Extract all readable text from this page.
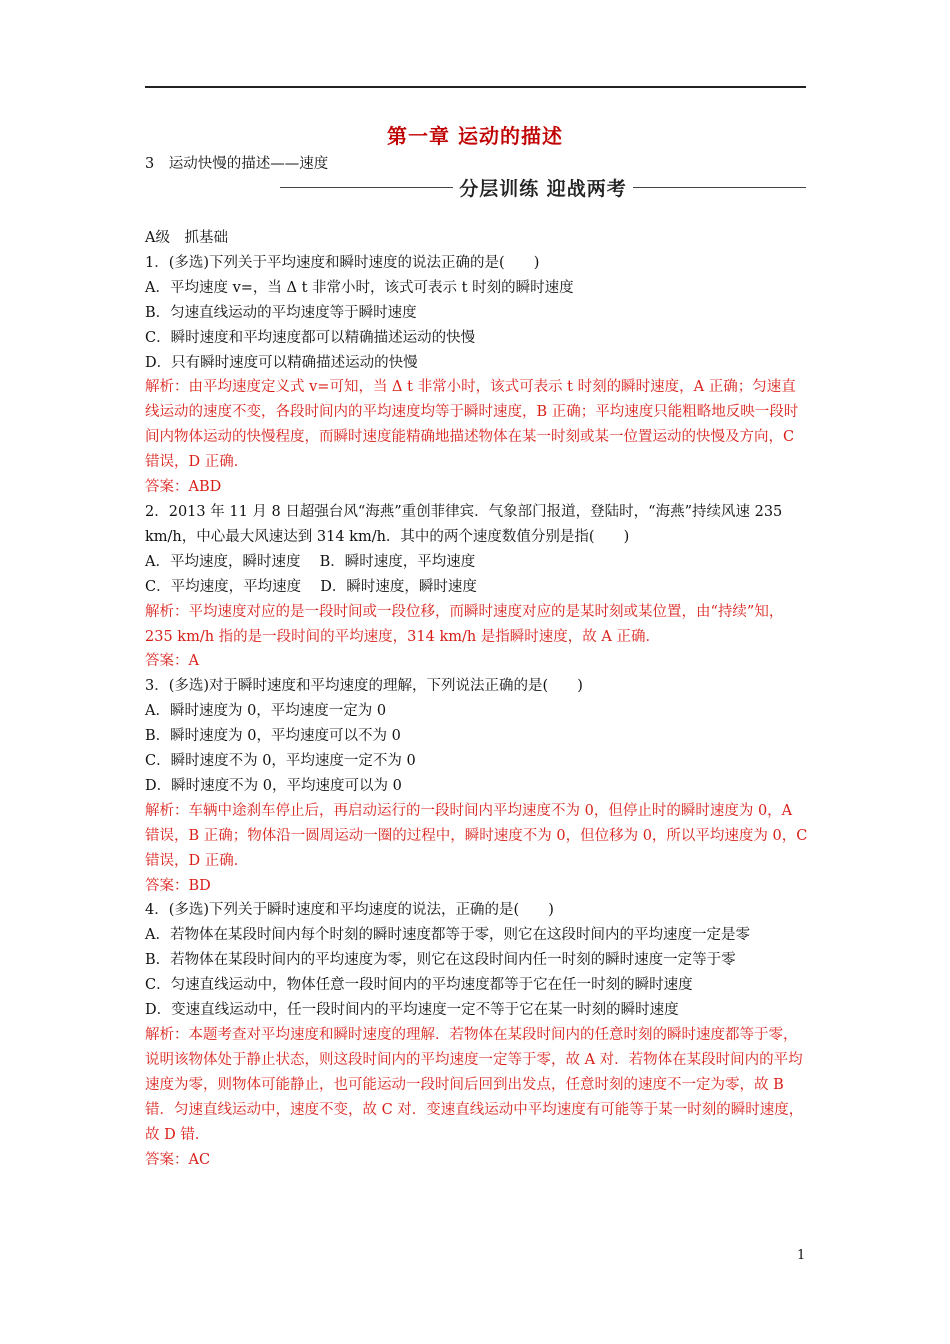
第一章 运动的描述
3　运动快慢的描述——速度
分层训练 迎战两考

A级　抓基础

1．(多选)下列关于平均速度和瞬时速度的说法正确的是(　　)

A．平均速度 v=，当 Δ t 非常小时，该式可表示 t 时刻的瞬时速度

B．匀速直线运动的平均速度等于瞬时速度

C．瞬时速度和平均速度都可以精确描述运动的快慢

D．只有瞬时速度可以精确描述运动的快慢

解析：由平均速度定义式 v=可知，当 Δ t 非常小时，该式可表示 t 时刻的瞬时速度，A 正确；匀速直线运动的速度不变，各段时间内的平均速度均等于瞬时速度，B 正确；平均速度只能粗略地反映一段时间内物体运动的快慢程度，而瞬时速度能精确地描述物体在某一时刻或某一位置运动的快慢及方向，C 错误，D 正确．

答案：ABD

2．2013 年 11 月 8 日超强台风“海燕”重创菲律宾．气象部门报道，登陆时，“海燕”持续风速 235 km/h，中心最大风速达到 314 km/h．其中的两个速度数值分别是指(　　)

A．平均速度，瞬时速度　 B．瞬时速度，平均速度

C．平均速度，平均速度　 D．瞬时速度，瞬时速度

解析：平均速度对应的是一段时间或一段位移，而瞬时速度对应的是某时刻或某位置，由“持续”知，235 km/h 指的是一段时间的平均速度，314 km/h 是指瞬时速度，故 A 正确．

答案：A

3．(多选)对于瞬时速度和平均速度的理解，下列说法正确的是(　　)

A．瞬时速度为 0，平均速度一定为 0

B．瞬时速度为 0，平均速度可以不为 0

C．瞬时速度不为 0，平均速度一定不为 0

D．瞬时速度不为 0，平均速度可以为 0

解析：车辆中途刹车停止后，再启动运行的一段时间内平均速度不为 0，但停止时的瞬时速度为 0，A 错误，B 正确；物体沿一圆周运动一圈的过程中，瞬时速度不为 0，但位移为 0，所以平均速度为 0，C 错误，D 正确．

答案：BD

4．(多选)下列关于瞬时速度和平均速度的说法，正确的是(　　)

A．若物体在某段时间内每个时刻的瞬时速度都等于零，则它在这段时间内的平均速度一定是零

B．若物体在某段时间内的平均速度为零，则它在这段时间内任一时刻的瞬时速度一定等于零

C．匀速直线运动中，物体任意一段时间内的平均速度都等于它在任一时刻的瞬时速度

D．变速直线运动中，任一段时间内的平均速度一定不等于它在某一时刻的瞬时速度

解析：本题考查对平均速度和瞬时速度的理解．若物体在某段时间内的任意时刻的瞬时速度都等于零，说明该物体处于静止状态，则这段时间内的平均速度一定等于零，故 A 对．若物体在某段时间内的平均速度为零，则物体可能静止，也可能运动一段时间后回到出发点，任意时刻的速度不一定为零，故 B 错．匀速直线运动中，速度不变，故 C 对．变速直线运动中平均速度有可能等于某一时刻的瞬时速度，故 D 错．

答案：AC

1
